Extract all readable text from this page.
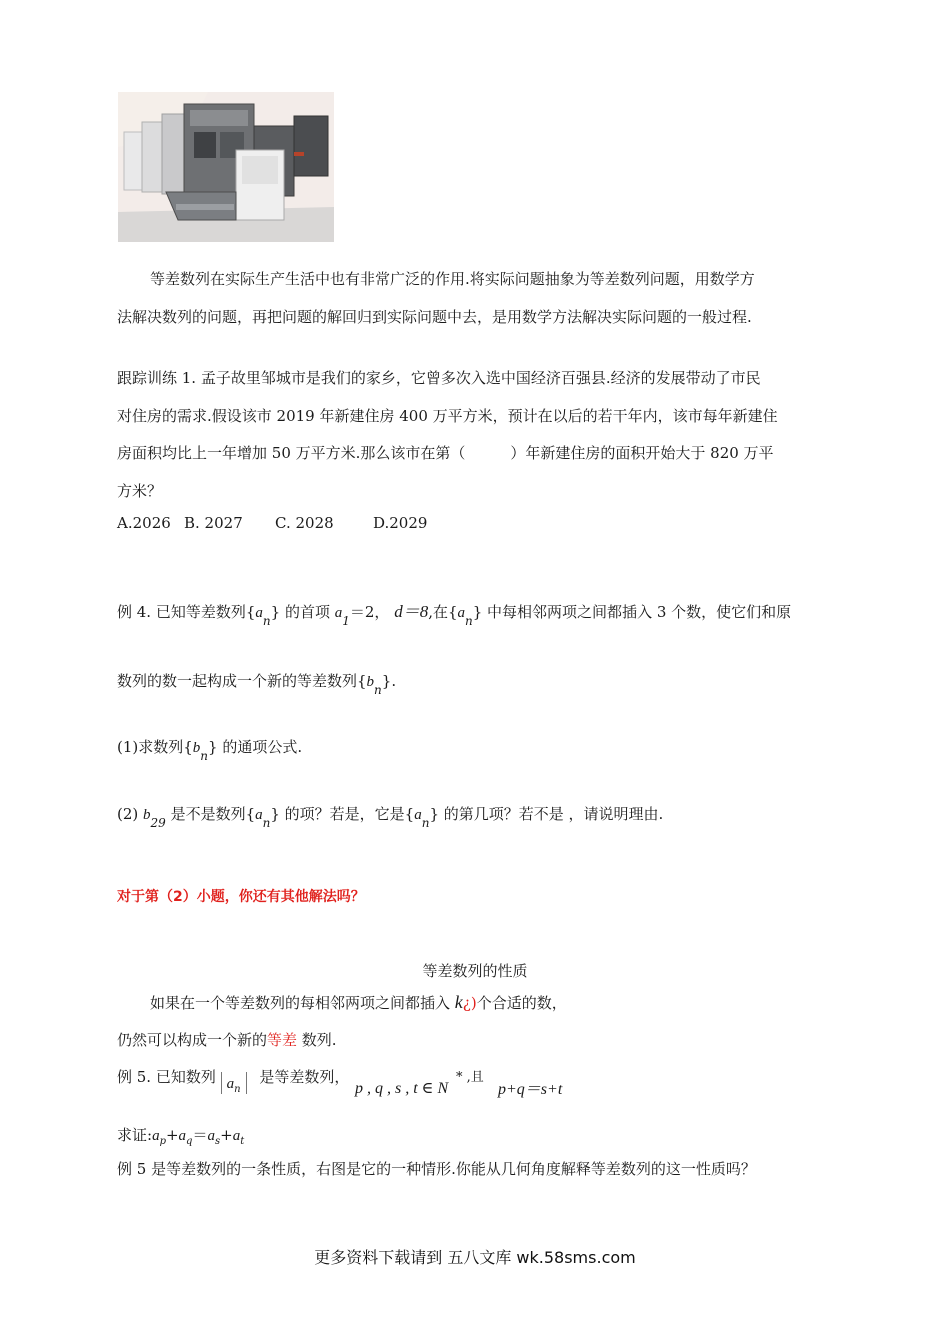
等差数列在实际生产生活中也有非常广泛的作用.将实际问题抽象为等差数列问题，用数学方
法解决数列的问题，再把问题的解回归到实际问题中去，是用数学方法解决实际问题的一般过程.
跟踪训练 1. 孟子故里邹城市是我们的家乡，它曾多次入选中国经济百强县.经济的发展带动了市民
对住房的需求.假设该市 2019 年新建住房 400 万平方米，预计在以后的若干年内，该市每年新建住
房面积均比上一年增加 50 万平方米.那么该市在第（　　　）年新建住房的面积开始大于 820 万平
方米？
A.2026 B. 2027 C. 2028	D.2029
例 4. 已知等差数列$\{a_n\}$ 的首项 $a_1=2$， d＝8,在$\{a_n\}$ 中每相邻两项之间都插入 3 个数，使它们和原
数列的数一起构成一个新的等差数列$\{b_n\}$.
(1)求数列$\{b_n\}$ 的通项公式.
(2) $b_{29}$ 是不是数列$\{a_n\}$ 的项？若是，它是$\{a_n\}$ 的第几项？若不是 ，请说明理由.
对于第（2）小题，你还有其他解法吗？
等差数列的性质
如果在一个等差数列的每相邻两项之间都插入 k¿)个合适的数，
仍然可以构成一个新的等差 数列.
例 5. 已知数列 $a_n$ 是等差数列，
p , q , s , t ∈ N
* ,且
p+q＝s+t
求证$:a_p+a_q=a_s+a_t$
例 5 是等差数列的一条性质，右图是它的一种情形.你能从几何角度解释等差数列的这一性质吗？
更多资料下载请到 五八文库 wk.58sms.com
